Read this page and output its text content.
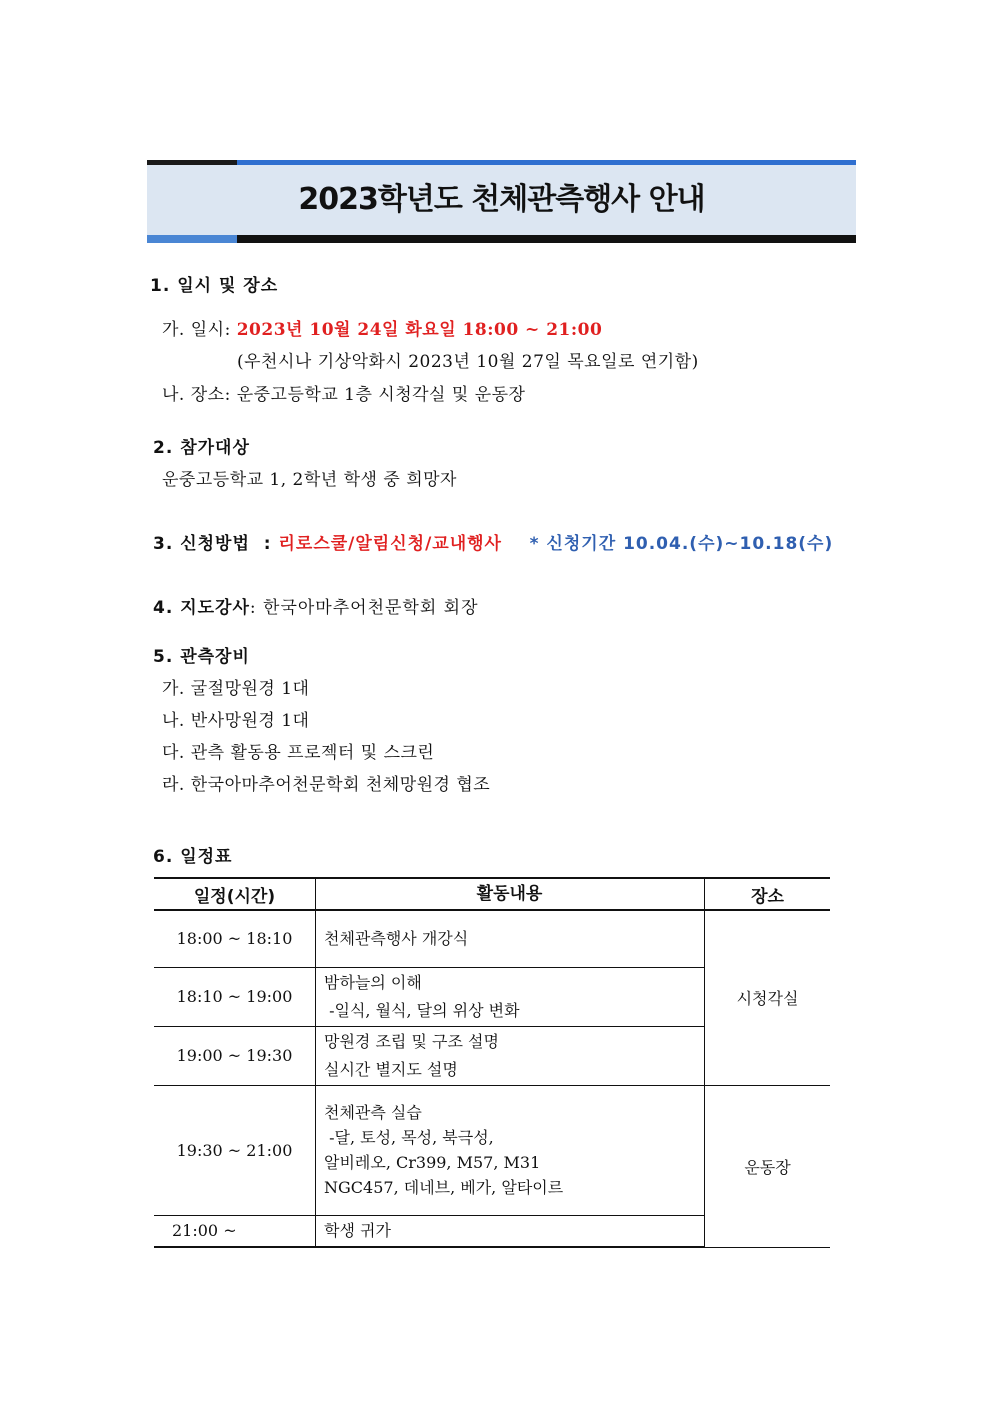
2023학년도 천체관측행사 안내
1. 일시 및 장소
가. 일시: 2023년 10월 24일 화요일 18:00 ~ 21:00
(우천시나 기상악화시 2023년 10월 27일 목요일로 연기함)
나. 장소: 운중고등학교 1층 시청각실 및 운동장
2. 참가대상
운중고등학교 1, 2학년 학생 중 희망자
3. 신청방법 : 리로스쿨/알림신청/교내행사 * 신청기간 10.04.(수)~10.18(수)
4. 지도강사: 한국아마추어천문학회 회장
5. 관측장비
가. 굴절망원경 1대
나. 반사망원경 1대
다. 관측 활동용 프로젝터 및 스크린
라. 한국아마추어천문학회 천체망원경 협조
6. 일정표
일정(시간)	활동내용	장소
18:00 ~ 18:10	천체관측행사 개강식	시청각실
18:10 ~ 19:00	밤하늘의 이해
-일식, 월식, 달의 위상 변화	

19:00 ~ 19:30	망원경 조립 및 구조 설명
실시간 별지도 설명	

19:30 ~ 21:00	천체관측 실습
-달, 토성, 목성, 북극성,
알비레오, Cr399, M57, M31
NGC457, 데네브, 베가, 알타이르	운동장
21:00 ~	학생 귀가	
